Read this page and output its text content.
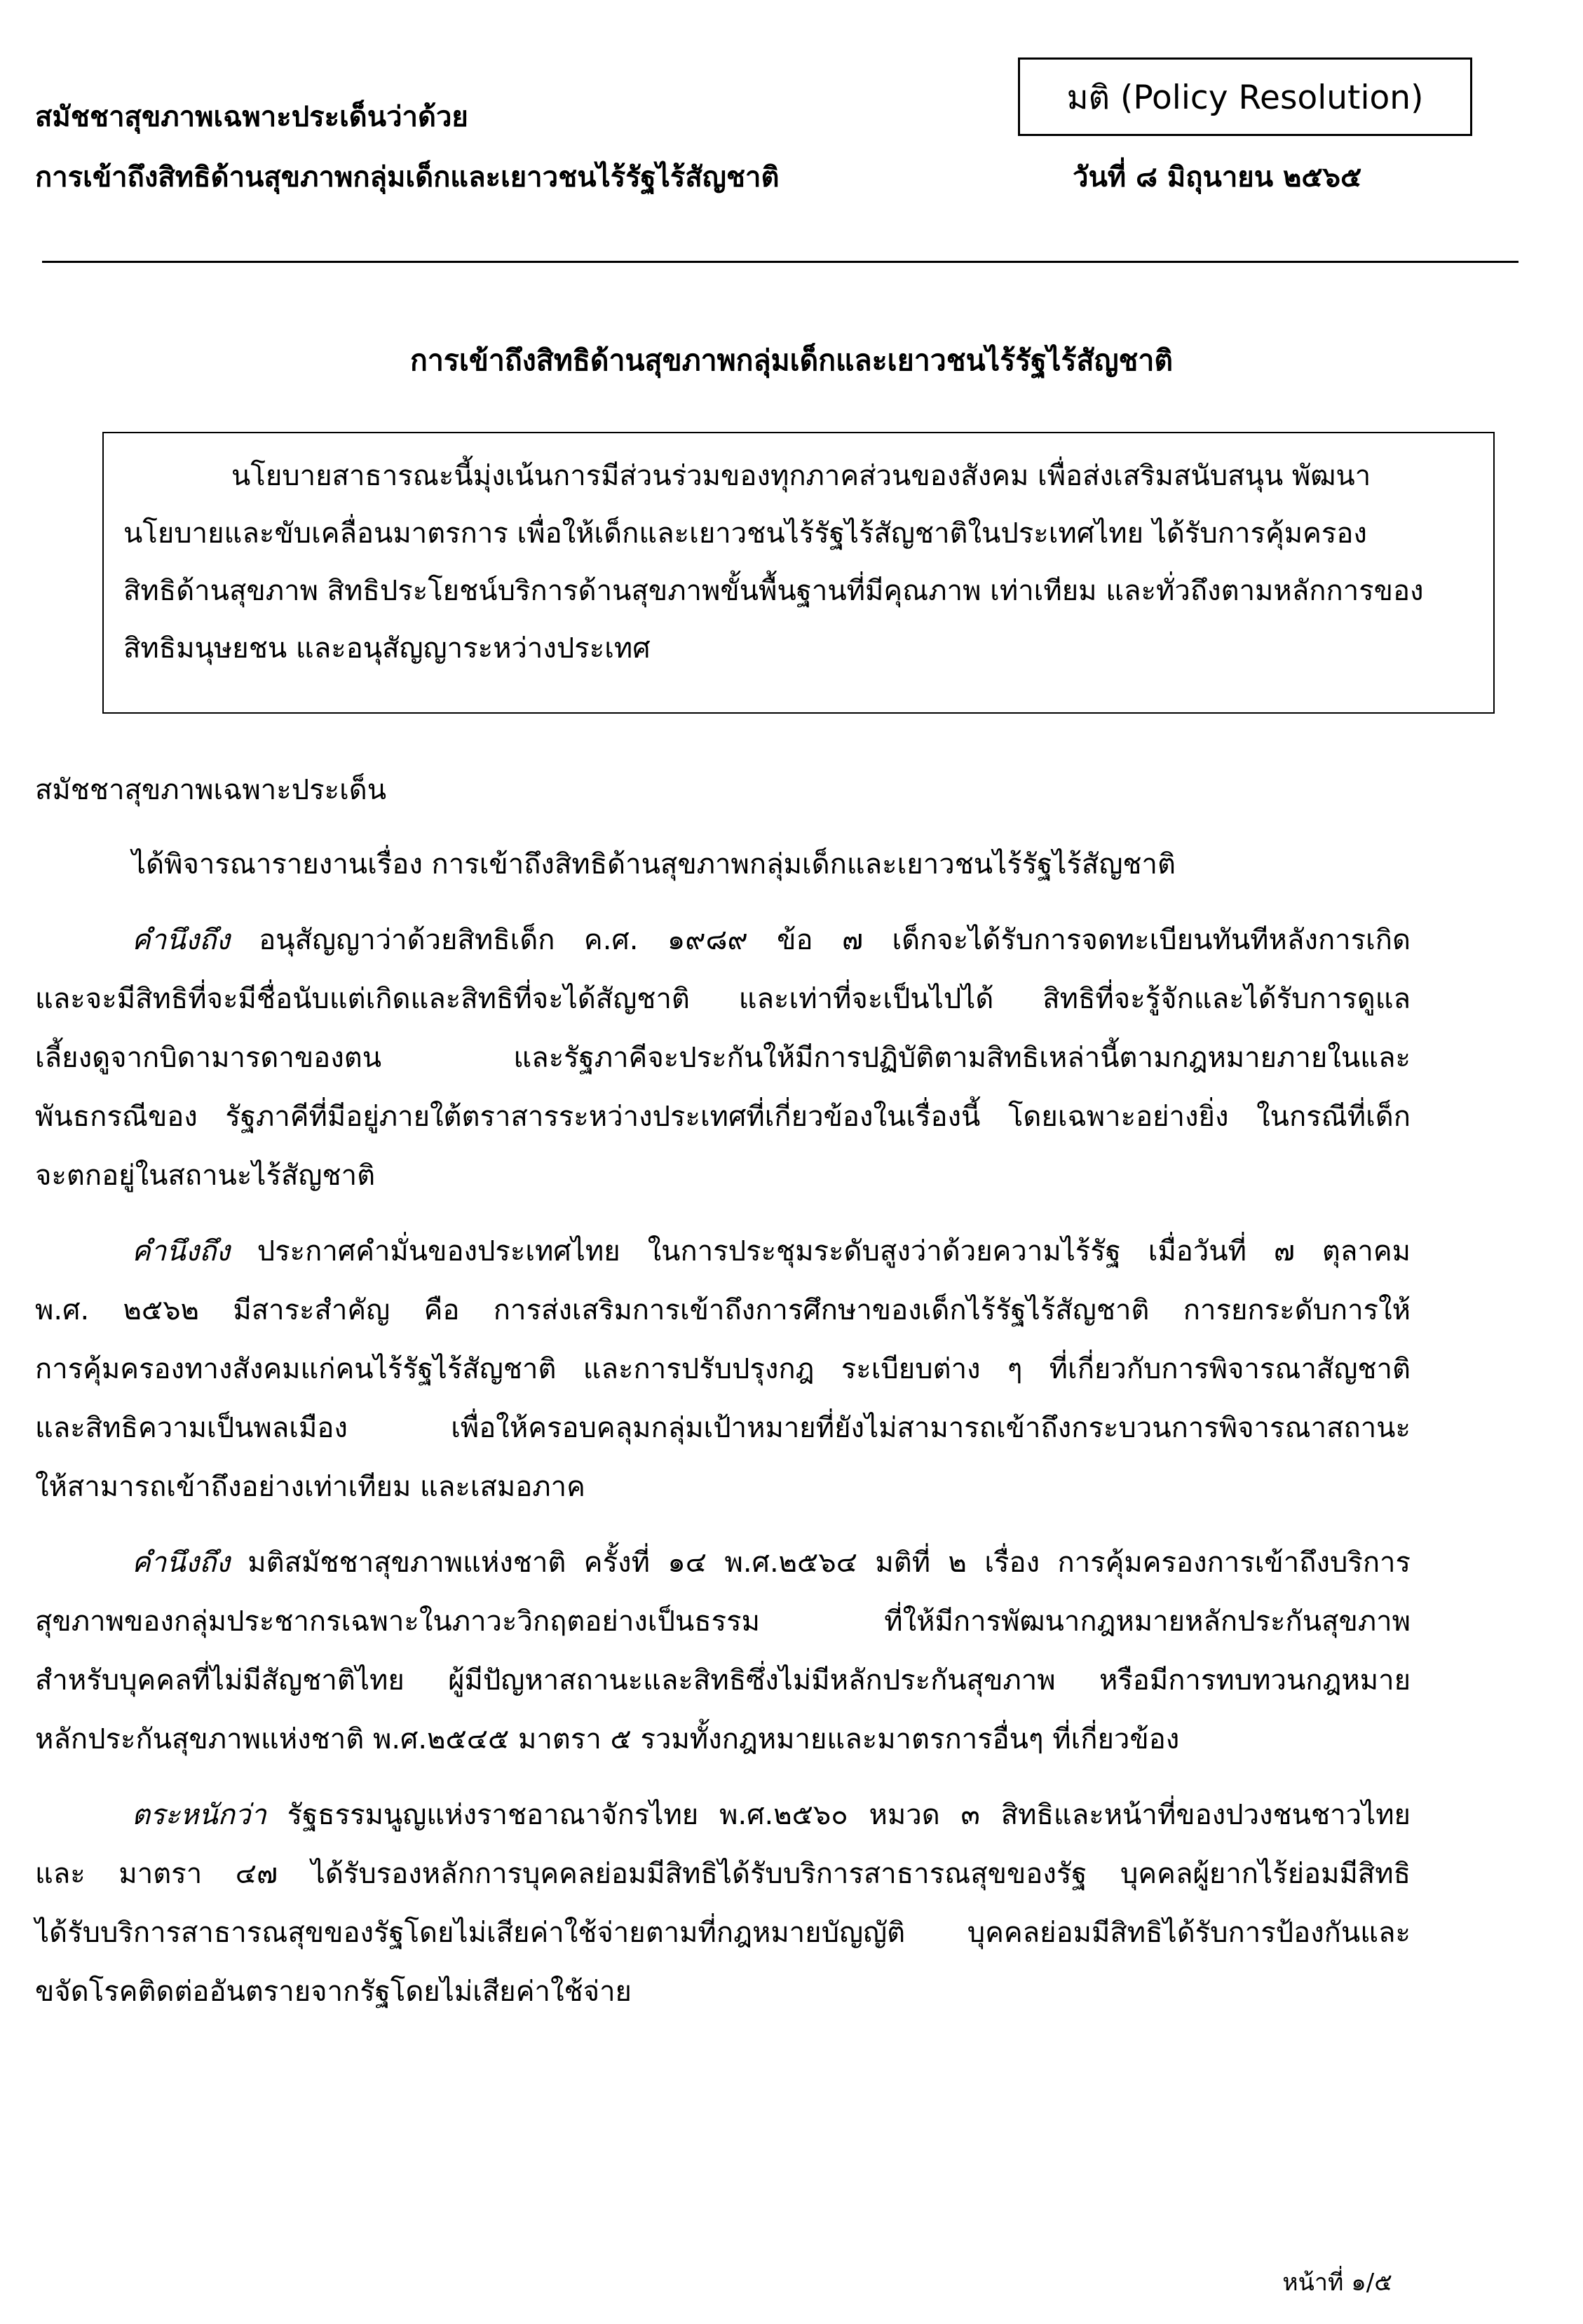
สมัชชาสุขภาพเฉพาะประเด็นว่าด้วย
การเข้าถึงสิทธิด้านสุขภาพกลุ่มเด็กและเยาวชนไร้รัฐไร้สัญชาติ
มติ (Policy Resolution)
วันที่ ๘ มิถุนายน ๒๕๖๕
การเข้าถึงสิทธิด้านสุขภาพกลุ่มเด็กและเยาวชนไร้รัฐไร้สัญชาติ
นโยบายสาธารณะนี้มุ่งเน้นการมีส่วนร่วมของทุกภาคส่วนของสังคม เพื่อส่งเสริมสนับสนุน พัฒนา
นโยบายและขับเคลื่อนมาตรการ เพื่อให้เด็กและเยาวชนไร้รัฐไร้สัญชาติในประเทศไทย ได้รับการคุ้มครอง
สิทธิด้านสุขภาพ สิทธิประโยชน์บริการด้านสุขภาพขั้นพื้นฐานที่มีคุณภาพ เท่าเทียม และทั่วถึงตามหลักการของ
สิทธิมนุษยชน และอนุสัญญาระหว่างประเทศ
สมัชชาสุขภาพเฉพาะประเด็น
ได้พิจารณารายงานเรื่อง การเข้าถึงสิทธิด้านสุขภาพกลุ่มเด็กและเยาวชนไร้รัฐไร้สัญชาติ
คำนึงถึง อนุสัญญาว่าด้วยสิทธิเด็ก ค.ศ. ๑๙๘๙ ข้อ ๗ เด็กจะได้รับการจดทะเบียนทันทีหลังการเกิด
และจะมีสิทธิที่จะมีชื่อนับแต่เกิดและสิทธิที่จะได้สัญชาติ และเท่าที่จะเป็นไปได้ สิทธิที่จะรู้จักและได้รับการดูแล
เลี้ยงดูจากบิดามารดาของตน และรัฐภาคีจะประกันให้มีการปฏิบัติตามสิทธิเหล่านี้ตามกฎหมายภายในและ
พันธกรณีของ รัฐภาคีที่มีอยู่ภายใต้ตราสารระหว่างประเทศที่เกี่ยวข้องในเรื่องนี้ โดยเฉพาะอย่างยิ่ง ในกรณีที่เด็ก
จะตกอยู่ในสถานะไร้สัญชาติ
คำนึงถึง ประกาศคำมั่นของประเทศไทย ในการประชุมระดับสูงว่าด้วยความไร้รัฐ เมื่อวันที่ ๗ ตุลาคม
พ.ศ. ๒๕๖๒ มีสาระสำคัญ คือ การส่งเสริมการเข้าถึงการศึกษาของเด็กไร้รัฐไร้สัญชาติ การยกระดับการให้
การคุ้มครองทางสังคมแก่คนไร้รัฐไร้สัญชาติ และการปรับปรุงกฎ ระเบียบต่าง ๆ ที่เกี่ยวกับการพิจารณาสัญชาติ
และสิทธิความเป็นพลเมือง เพื่อให้ครอบคลุมกลุ่มเป้าหมายที่ยังไม่สามารถเข้าถึงกระบวนการพิจารณาสถานะ
ให้สามารถเข้าถึงอย่างเท่าเทียม และเสมอภาค
คำนึงถึง มติสมัชชาสุขภาพแห่งชาติ ครั้งที่ ๑๔ พ.ศ.๒๕๖๔ มติที่ ๒ เรื่อง การคุ้มครองการเข้าถึงบริการ
สุขภาพของกลุ่มประชากรเฉพาะในภาวะวิกฤตอย่างเป็นธรรม ที่ให้มีการพัฒนากฎหมายหลักประกันสุขภาพ
สำหรับบุคคลที่ไม่มีสัญชาติไทย ผู้มีปัญหาสถานะและสิทธิซึ่งไม่มีหลักประกันสุขภาพ หรือมีการทบทวนกฎหมาย
หลักประกันสุขภาพแห่งชาติ พ.ศ.๒๕๔๕ มาตรา ๕ รวมทั้งกฎหมายและมาตรการอื่นๆ ที่เกี่ยวข้อง
ตระหนักว่า รัฐธรรมนูญแห่งราชอาณาจักรไทย พ.ศ.๒๕๖๐ หมวด ๓ สิทธิและหน้าที่ของปวงชนชาวไทย
และ มาตรา ๔๗ ได้รับรองหลักการบุคคลย่อมมีสิทธิได้รับบริการสาธารณสุขของรัฐ บุคคลผู้ยากไร้ย่อมมีสิทธิ
ได้รับบริการสาธารณสุขของรัฐโดยไม่เสียค่าใช้จ่ายตามที่กฎหมายบัญญัติ บุคคลย่อมมีสิทธิได้รับการป้องกันและ
ขจัดโรคติดต่ออันตรายจากรัฐโดยไม่เสียค่าใช้จ่าย
หน้าที่ ๑/๕
